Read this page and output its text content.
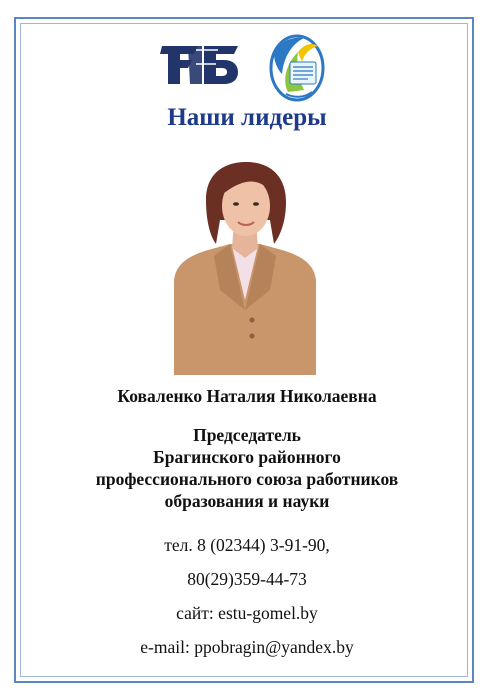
Наши лидеры
Коваленко Наталия Николаевна
Председатель
Брагинского районного
профессионального союза работников
образования и науки
тел. 8 (02344) 3-91-90,
80(29)359-44-73
сайт: estu-gomel.by
e-mail: ppobragin@yandex.by
